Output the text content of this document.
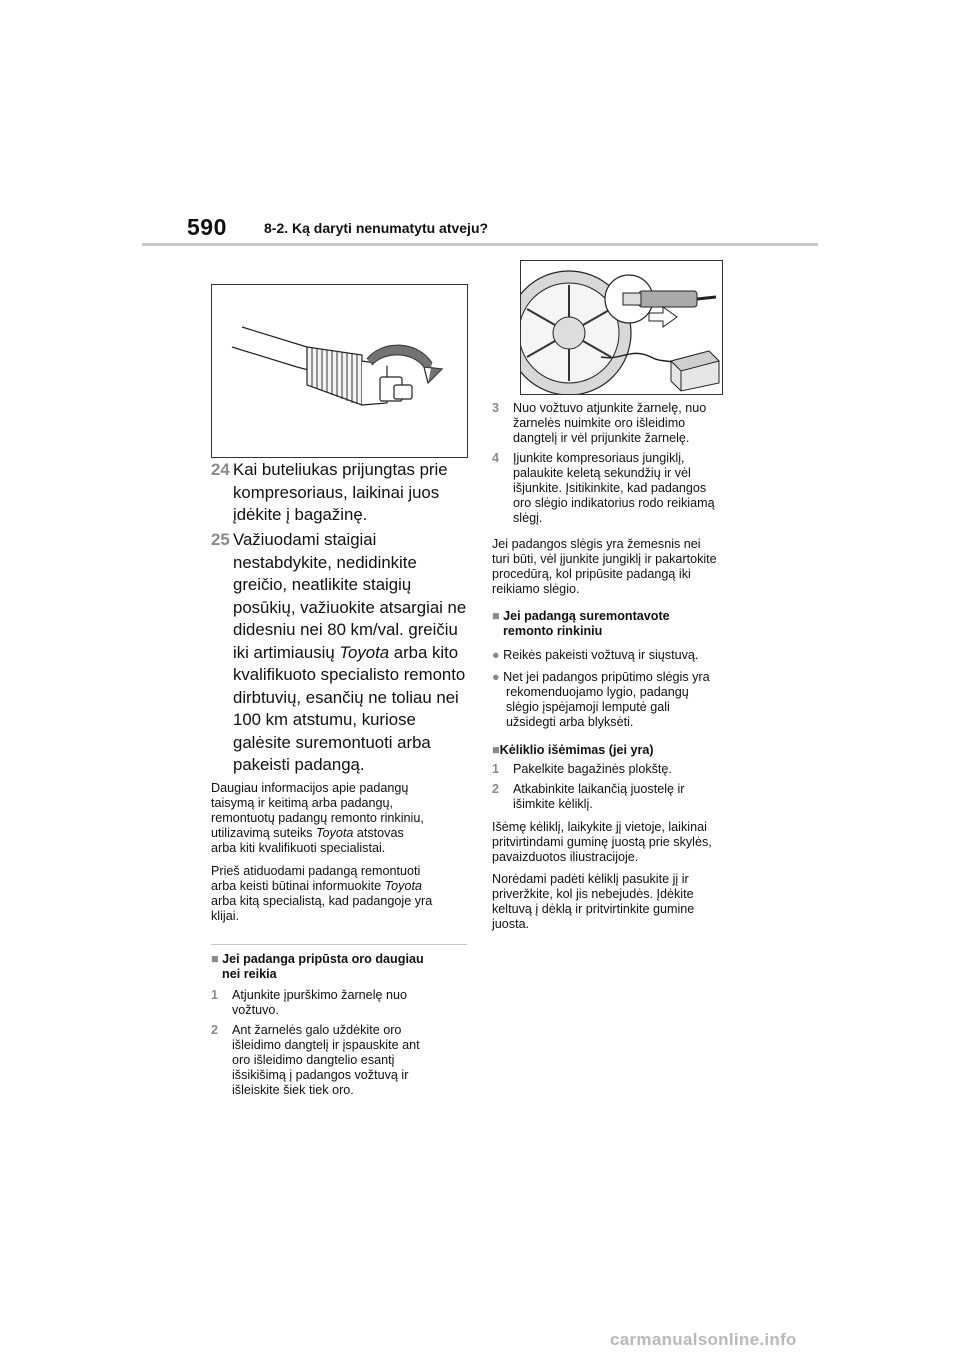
590	8-2. Ką daryti nenumatytu atveju?
24 Kai buteliukas prijungtas prie
kompresoriaus, laikinai juos
įdėkite į bagažinę.
25 Važiuodami staigiai
nestabdykite, nedidinkite
greičio, neatlikite staigių
posūkių, važiuokite atsargiai ne
didesniu nei 80 km/val. greičiu
iki artimiausių Toyota arba kito
kvalifikuoto specialisto remonto
dirbtuvių, esančių ne toliau nei
100 km atstumu, kuriose
galėsite suremontuoti arba
pakeisti padangą.
Daugiau informacijos apie padangų
taisymą ir keitimą arba padangų,
remontuotų padangų remonto rinkiniu,
utilizavimą suteiks Toyota atstovas
arba kiti kvalifikuoti specialistai.
Prieš atiduodami padangą remontuoti
arba keisti būtinai informuokite Toyota
arba kitą specialistą, kad padangoje yra
klijai.
■ Jei padanga pripūsta oro daugiau
nei reikia
1 Atjunkite įpurškimo žarnelę nuo
vožtuvo.
2 Ant žarnelės galo uždėkite oro
išleidimo dangtelį ir įspauskite ant
oro išleidimo dangtelio esantį
išsikišimą į padangos vožtuvą ir
išleiskite šiek tiek oro.
3 Nuo vožtuvo atjunkite žarnelę, nuo
žarnelės nuimkite oro išleidimo
dangtelį ir vėl prijunkite žarnelę.
4 Įjunkite kompresoriaus jungiklį,
palaukite keletą sekundžių ir vėl
išjunkite. Įsitikinkite, kad padangos
oro slėgio indikatorius rodo reikiamą
slėgį.
Jei padangos slėgis yra žemesnis nei
turi būti, vėl įjunkite jungiklį ir pakartokite
procedūrą, kol pripūsite padangą iki
reikiamo slėgio.
■ Jei padangą suremontavote
remonto rinkiniu
● Reikės pakeisti vožtuvą ir siųstuvą.
● Net jei padangos pripūtimo slėgis yra
rekomenduojamo lygio, padangų
slėgio įspėjamoji lemputė gali
užsidegti arba blyksėti.
■Kėliklio išėmimas (jei yra)
1 Pakelkite bagažinės plokštę.
2 Atkabinkite laikančią juostelę ir
išimkite kėliklį.
Išėmę kėliklį, laikykite jį vietoje, laikinai
pritvirtindami guminę juostą prie skylės,
pavaizduotos iliustracijoje.
Norėdami padėti kėliklį pasukite jį ir
priveržkite, kol jis nebejudės. Įdėkite
keltuvą į dėklą ir pritvirtinkite gumine
juosta.
carmanualsonline.info
